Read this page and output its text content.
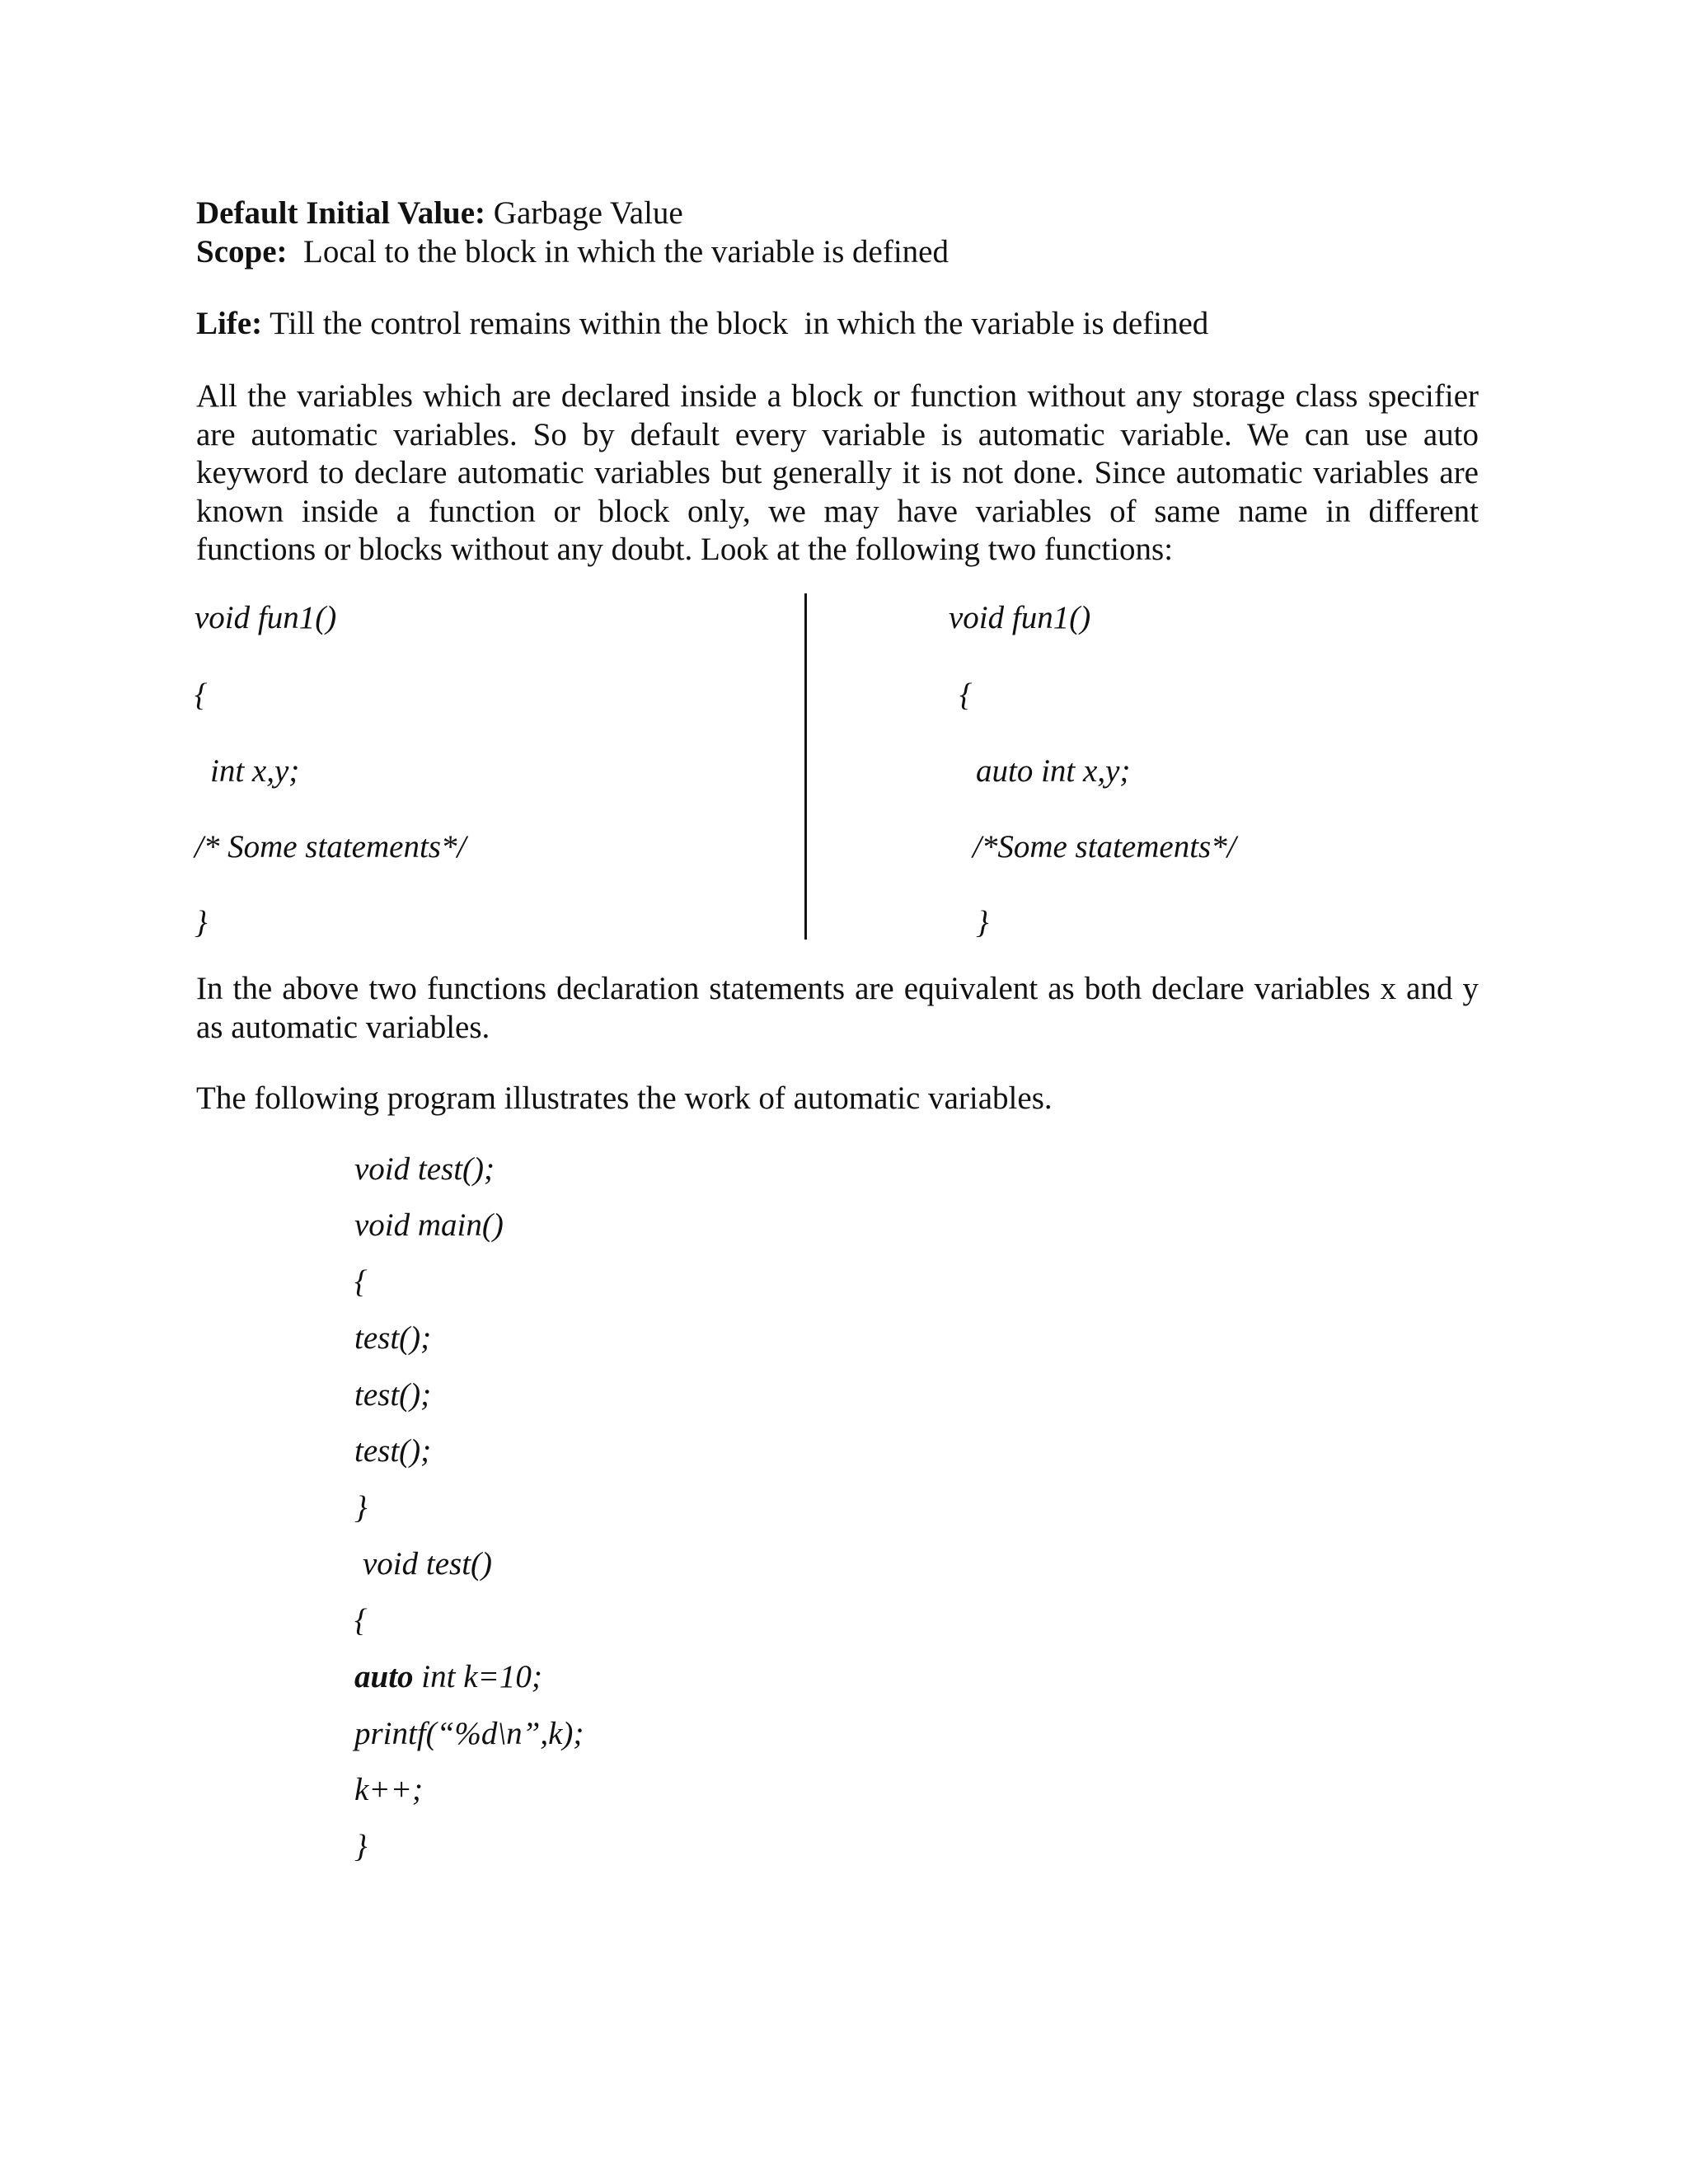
Default Initial Value: Garbage Value
Scope:  Local to the block in which the variable is defined
Life: Till the control remains within the block  in which the variable is defined
All the variables which are declared inside a block or function without any storage class specifier
are automatic variables. So by default every variable is automatic variable. We can use auto
keyword to declare automatic variables but generally it is not done. Since automatic variables are
known inside a function or block only, we may have variables of same name in different
functions or blocks without any doubt. Look at the following two functions:
void fun1()
{
int x,y;
/* Some statements*/
}
void fun1()
{
auto int x,y;
/*Some statements*/
}
In the above two functions declaration statements are equivalent as both declare variables x and y
as automatic variables.
The following program illustrates the work of automatic variables.
void test();
void main()
{
test();
test();
test();
}
void test()
{
auto int k=10;
printf(“%d\n”,k);
k++;
}
